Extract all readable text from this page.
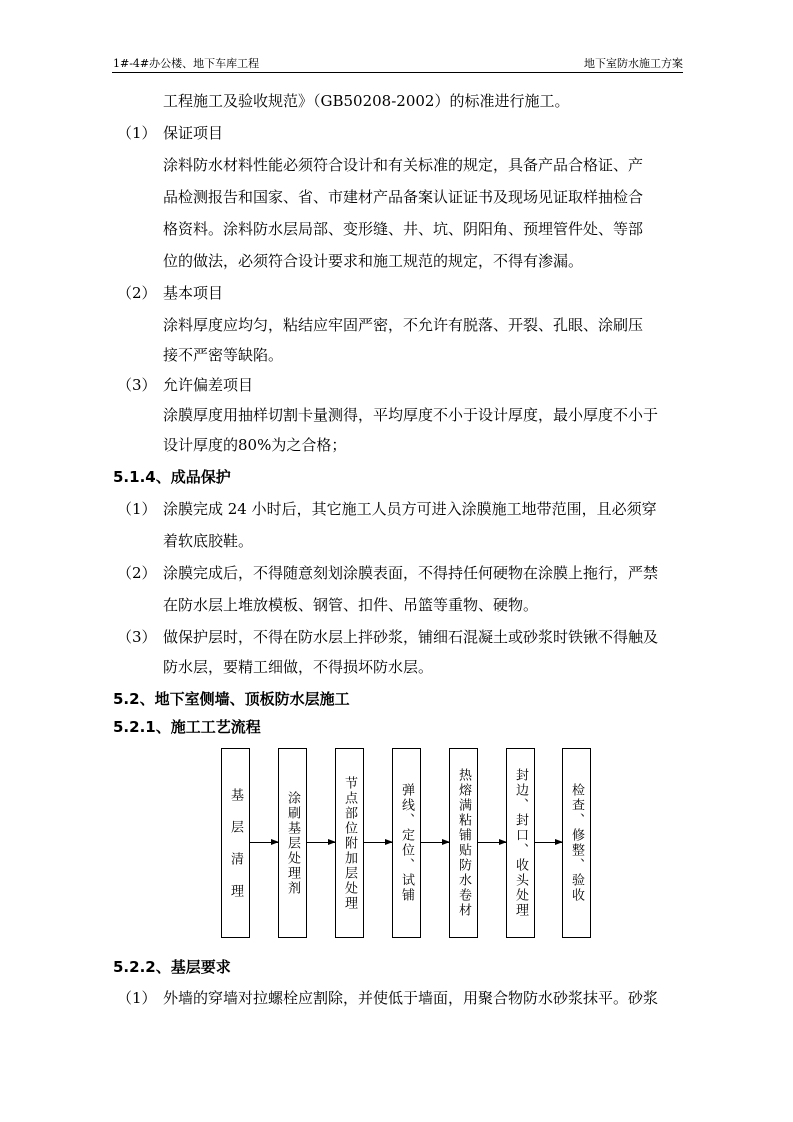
1#-4#办公楼、地下车库工程	地下室防水施工方案
工程施工及验收规范》（GB50208-2002）的标准进行施工。
（1） 保证项目
涂料防水材料性能必须符合设计和有关标准的规定，具备产品合格证、产
品检测报告和国家、省、市建材产品备案认证证书及现场见证取样抽检合
格资料。涂料防水层局部、变形缝、井、坑、阴阳角、预埋管件处、等部
位的做法，必须符合设计要求和施工规范的规定，不得有渗漏。
（2） 基本项目
涂料厚度应均匀，粘结应牢固严密，不允许有脱落、开裂、孔眼、涂刷压
接不严密等缺陷。
（3） 允许偏差项目
涂膜厚度用抽样切割卡量测得，平均厚度不小于设计厚度，最小厚度不小于
设计厚度的80%为之合格；
5.1.4、成品保护
（1） 涂膜完成 24 小时后，其它施工人员方可进入涂膜施工地带范围，且必须穿
着软底胶鞋。
（2） 涂膜完成后，不得随意刻划涂膜表面，不得持任何硬物在涂膜上拖行，严禁
在防水层上堆放模板、钢管、扣件、吊篮等重物、硬物。
（3） 做保护层时，不得在防水层上拌砂浆，铺细石混凝土或砂浆时铁锹不得触及
防水层，要精工细做，不得损坏防水层。
5.2、地下室侧墙、顶板防水层施工
5.2.1、施工工艺流程
基 层 清 理	涂刷基层处理剂	节点部位附加层处理	弹线、定位、试铺	热熔满粘铺贴防水卷材	封边、封口、收头处理	检查、修整、验收
5.2.2、基层要求
（1） 外墙的穿墙对拉螺栓应割除，并使低于墙面，用聚合物防水砂浆抹平。砂浆
